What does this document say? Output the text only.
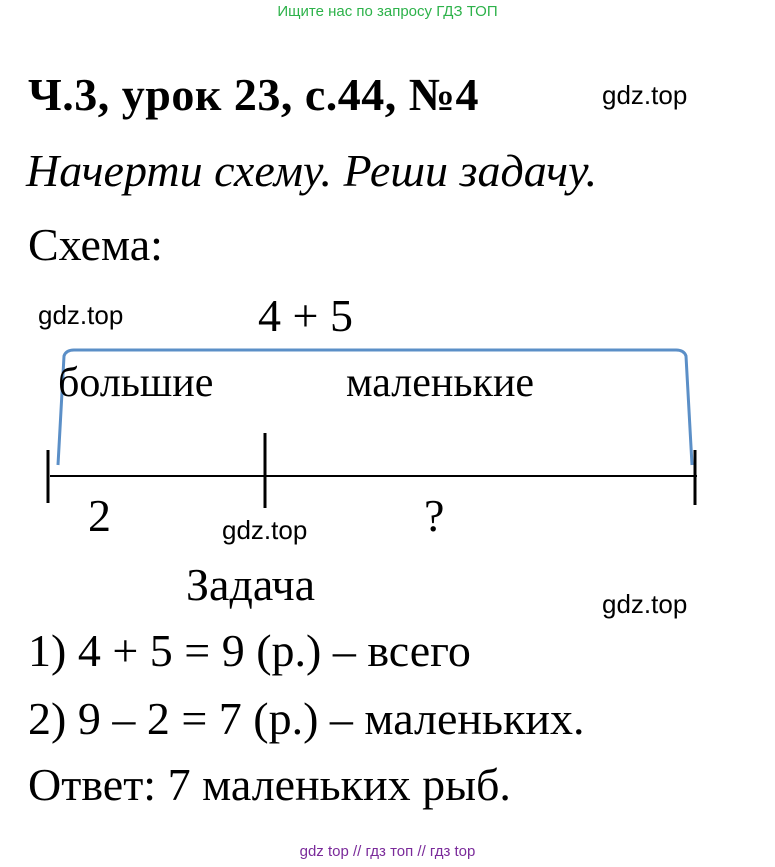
Ищите нас по запросу ГДЗ ТОП
Ч.3, урок 23, с.44, №4	gdz.top
Начерти схему. Реши задачу.
Схема:
gdz.top	4 + 5
большие	маленькие
2	?
gdz.top
Задача	gdz.top
1) 4 + 5 = 9 (р.) – всего
2) 9 – 2 = 7 (р.) – маленьких.
Ответ: 7 маленьких рыб.
gdz top // гдз топ // гдз top
